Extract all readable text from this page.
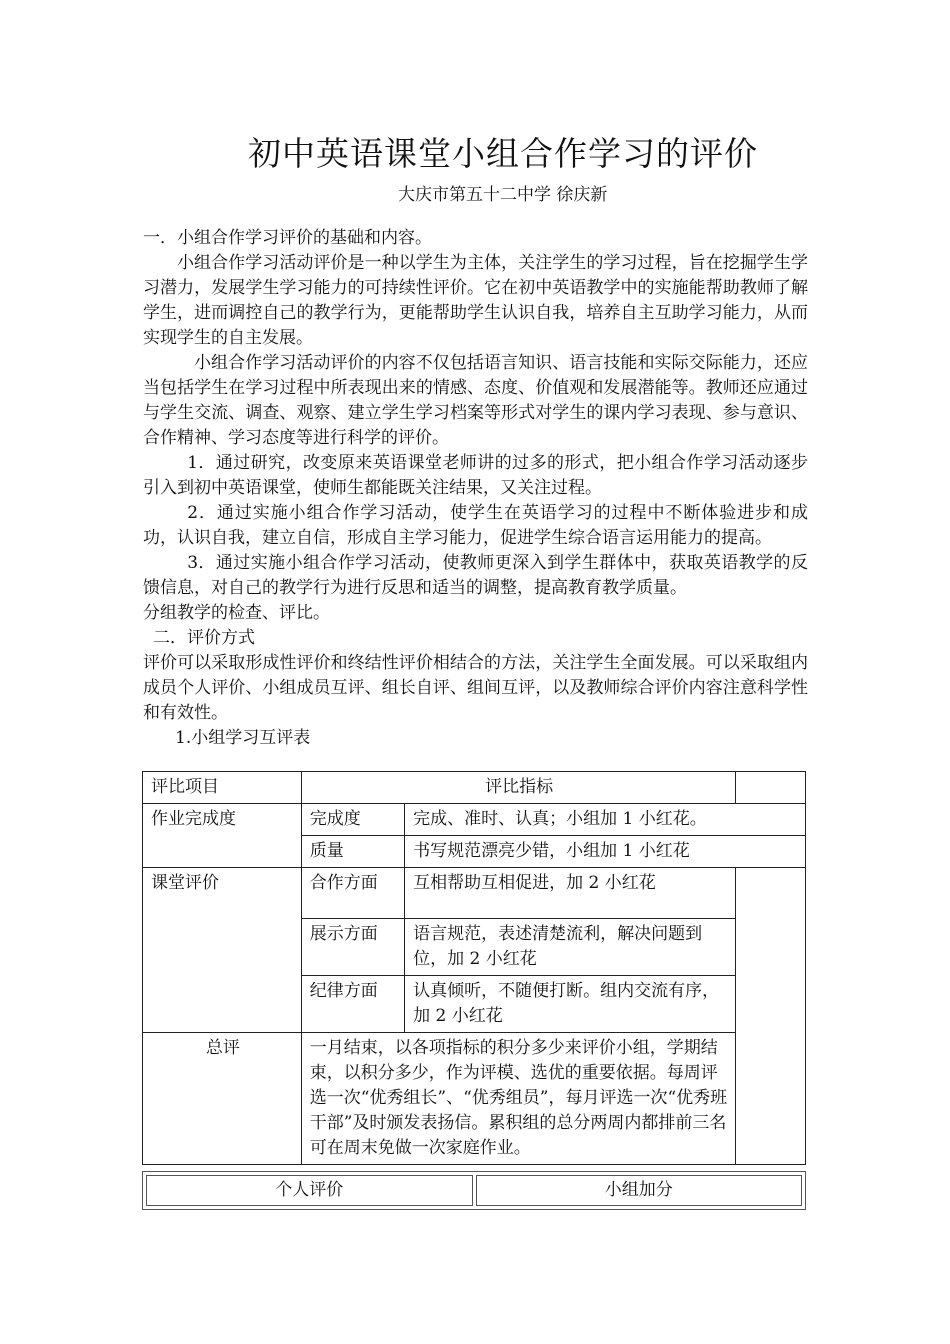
初中英语课堂小组合作学习的评价
大庆市第五十二中学 徐庆新

一．小组合作学习评价的基础和内容。

小组合作学习活动评价是一种以学生为主体，关注学生的学习过程，旨在挖掘学生学习潜力，发展学生学习能力的可持续性评价。它在初中英语教学中的实施能帮助教师了解学生，进而调控自己的教学行为，更能帮助学生认识自我，培养自主互助学习能力，从而实现学生的自主发展。

小组合作学习活动评价的内容不仅包括语言知识、语言技能和实际交际能力，还应当包括学生在学习过程中所表现出来的情感、态度、价值观和发展潜能等。教师还应通过与学生交流、调查、观察、建立学生学习档案等形式对学生的课内学习表现、参与意识、合作精神、学习态度等进行科学的评价。

1．通过研究，改变原来英语课堂老师讲的过多的形式，把小组合作学习活动逐步引入到初中英语课堂，使师生都能既关注结果，又关注过程。

2．通过实施小组合作学习活动，使学生在英语学习的过程中不断体验进步和成功，认识自我，建立自信，形成自主学习能力，促进学生综合语言运用能力的提高。

3．通过实施小组合作学习活动，使教师更深入到学生群体中，获取英语教学的反馈信息，对自己的教学行为进行反思和适当的调整，提高教育教学质量。

分组教学的检查、评比。

二．评价方式

评价可以采取形成性评价和终结性评价相结合的方法，关注学生全面发展。可以采取组内成员个人评价、小组成员互评、组长自评、组间互评，以及教师综合评价内容注意科学性和有效性。

1.小组学习互评表

评比项目	评比指标		
作业完成度	完成度	完成、准时、认真；小组加 1 小红花。	
	质量	书写规范漂亮少错，小组加 1 小红花	
课堂评价	合作方面	互相帮助互相促进，加 2 小红花	
	展示方面	语言规范，表述清楚流利，解决问题到位，加 2 小红花	
	纪律方面	认真倾听，不随便打断。组内交流有序，加 2 小红花	
总评	一月结束，以各项指标的积分多少来评价小组，学期结束，以积分多少，作为评模、选优的重要依据。每周评选一次“优秀组长”、“优秀组员”，每月评选一次“优秀班干部”及时颁发表扬信。累积组的总分两周内都排前三名可在周末免做一次家庭作业。		
个人评价	小组加分
